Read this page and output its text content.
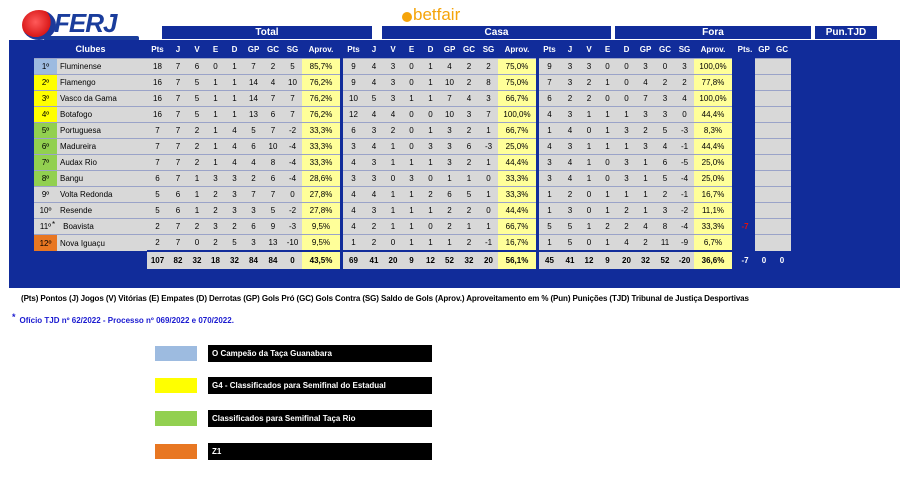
FERJ	betfair
Total	Casa	Fora	Pun.TJD
	Clubes		Pts	J	V	E	D	GP	GC	SG	Aprov.		Pts	J	V	E	D	GP	GC	SG	Aprov.		Pts	J	V	E	D	GP	GC	SG	Aprov.		Pts.	GP	GC
	1º	Fluminense	18	7	6	0	1	7	2	5	85,7%		9	4	3	0	1	4	2	2	75,0%		9	3	3	0	0	3	0	3	100,0%				
	2º	Flamengo	16	7	5	1	1	14	4	10	76,2%		9	4	3	0	1	10	2	8	75,0%		7	3	2	1	0	4	2	2	77,8%				
	3º	Vasco da Gama	16	7	5	1	1	14	7	7	76,2%		10	5	3	1	1	7	4	3	66,7%		6	2	2	0	0	7	3	4	100,0%				
	4º	Botafogo	16	7	5	1	1	13	6	7	76,2%		12	4	4	0	0	10	3	7	100,0%		4	3	1	1	1	3	3	0	44,4%				
	5º	Portuguesa	7	7	2	1	4	5	7	-2	33,3%		6	3	2	0	1	3	2	1	66,7%		1	4	0	1	3	2	5	-3	8,3%				
	6º	Madureira	7	7	2	1	4	6	10	-4	33,3%		3	4	1	0	3	3	6	-3	25,0%		4	3	1	1	1	3	4	-1	44,4%				
	7º	Audax Rio	7	7	2	1	4	4	8	-4	33,3%		4	3	1	1	1	3	2	1	44,4%		3	4	1	0	3	1	6	-5	25,0%				
	8º	Bangu	6	7	1	3	3	2	6	-4	28,6%		3	3	0	3	0	1	1	0	33,3%		3	4	1	0	3	1	5	-4	25,0%				
	9º	Volta Redonda	5	6	1	2	3	7	7	0	27,8%		4	4	1	1	2	6	5	1	33,3%		1	2	0	1	1	1	2	-1	16,7%				
	10º	Resende	5	6	1	2	3	3	5	-2	27,8%		4	3	1	1	1	2	2	0	44,4%		1	3	0	1	2	1	3	-2	11,1%				
	11º	* Boavista	2	7	2	3	2	6	9	-3	9,5%		4	2	1	1	0	2	1	1	66,7%		5	5	1	2	2	4	8	-4	33,3%		-7		
	12º	Nova Iguaçu	2	7	0	2	5	3	13	-10	9,5%		1	2	0	1	1	1	2	-1	16,7%		1	5	0	1	4	2	11	-9	6,7%				
			107	82	32	18	32	84	84	0	43,5%		69	41	20	9	12	52	32	20	56,1%		45	41	12	9	20	32	52	-20	36,6%		-7	0	0
(Pts) Pontos (J) Jogos (V) Vitórias (E) Empates (D) Derrotas (GP) Gols Pró (GC) Gols Contra (SG) Saldo de Gols (Aprov.) Aproveitamento em % (Pun) Punições (TJD) Tribunal de Justiça Desportivas
* Ofício TJD nº 62/2022 - Processo nº 069/2022 e 070/2022.
O Campeão da Taça Guanabara
G4 - Classificados para Semifinal do Estadual
Classificados para Semifinal Taça Rio
Z1
